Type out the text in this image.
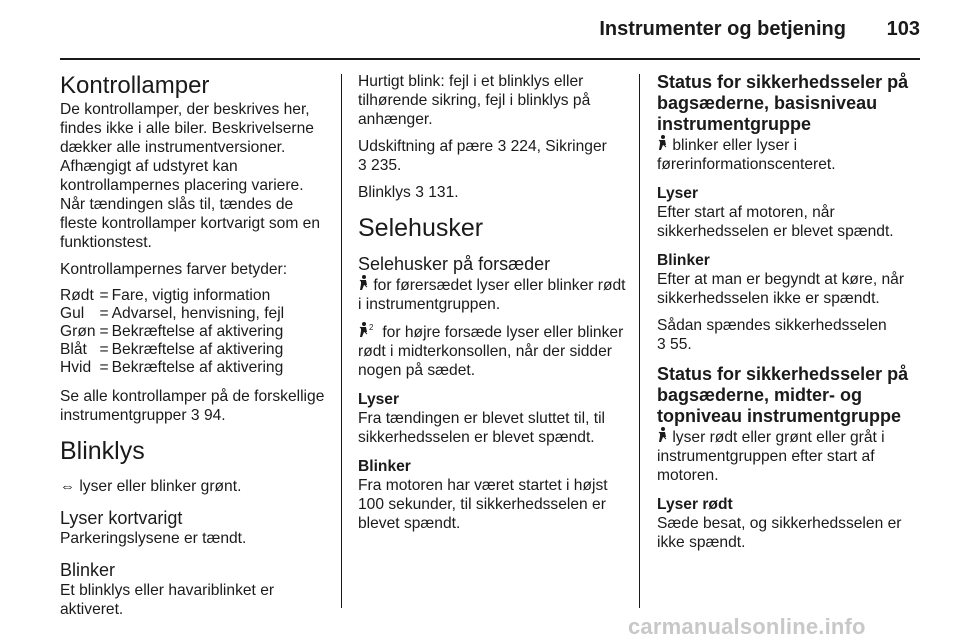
Instrumenter og betjening 103
Kontrollamper

De kontrollamper, der beskrives her, findes ikke i alle biler. Beskrivelserne dækker alle instrumentversioner. Afhængigt af udstyret kan kontrollampernes placering variere. Når tændingen slås til, tændes de fleste kontrollamper kortvarigt som en funktionstest.

Kontrollampernes farver betyder:

Rødt	=	Fare, vigtig information
Gul	=	Advarsel, henvisning, fejl
Grøn	=	Bekræftelse af aktivering
Blåt	=	Bekræftelse af aktivering
Hvid	=	Bekræftelse af aktivering

Se alle kontrollamper på de forskellige instrumentgrupper 3 94.

Blinklys

⇔ lyser eller blinker grønt.

Lyser kortvarigt

Parkeringslysene er tændt.

Blinker

Et blinklys eller havariblinket er aktiveret.

Hurtigt blink: fejl i et blinklys eller tilhørende sikring, fejl i blinklys på anhænger.

Udskiftning af pære 3 224, Sikringer
3 235.

Blinklys 3 131.

Selehusker
Selehusker på forsæder

for førersædet lyser eller blinker rødt i instrumentgruppen.

2 for højre forsæde lyser eller blinker rødt i midterkonsollen, når der sidder nogen på sædet.

Lyser

Fra tændingen er blevet sluttet til, til sikkerhedsselen er blevet spændt.

Blinker

Fra motoren har været startet i højst 100 sekunder, til sikkerhedsselen er blevet spændt.

Status for sikkerhedsseler på bagsæderne, basisniveau instrumentgruppe

blinker eller lyser i førerinformationscenteret.

Lyser

Efter start af motoren, når sikkerhedsselen er blevet spændt.

Blinker

Efter at man er begyndt at køre, når sikkerhedsselen ikke er spændt.

Sådan spændes sikkerhedsselen
3 55.

Status for sikkerhedsseler på bagsæderne, midter- og topniveau instrumentgruppe

lyser rødt eller grønt eller gråt i instrumentgruppen efter start af motoren.

Lyser rødt

Sæde besat, og sikkerhedsselen er ikke spændt.

carmanualsonline.info
